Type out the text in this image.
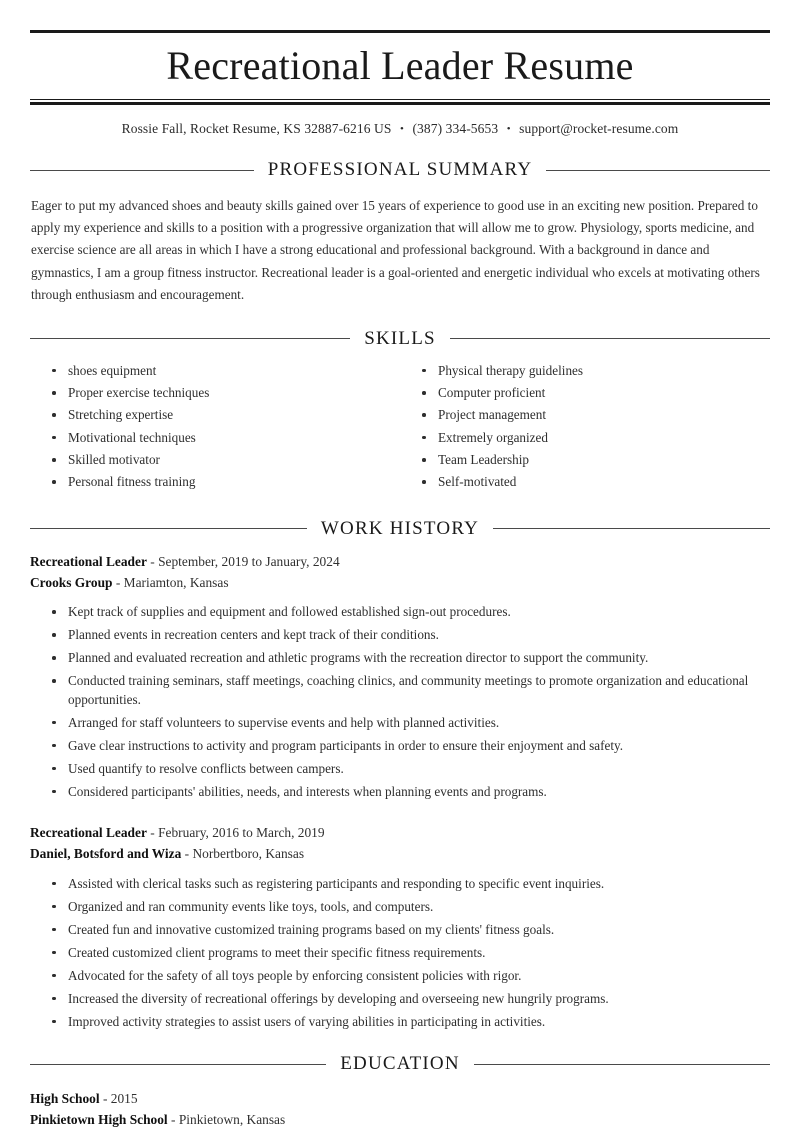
Recreational Leader Resume
Rossie Fall, Rocket Resume, KS 32887-6216 US • (387) 334-5653 • support@rocket-resume.com
PROFESSIONAL SUMMARY

Eager to put my advanced shoes and beauty skills gained over 15 years of experience to good use in an exciting new position. Prepared to apply my experience and skills to a position with a progressive organization that will allow me to grow. Physiology, sports medicine, and exercise science are all areas in which I have a strong educational and professional background. With a background in dance and gymnastics, I am a group fitness instructor. Recreational leader is a goal-oriented and energetic individual who excels at motivating others through enthusiasm and encouragement.

SKILLS
shoes equipment
Proper exercise techniques
Stretching expertise
Motivational techniques
Skilled motivator
Personal fitness training
Physical therapy guidelines
Computer proficient
Project management
Extremely organized
Team Leadership
Self-motivated
WORK HISTORY
Recreational Leader - September, 2019 to January, 2024
Crooks Group - Mariamton, Kansas
Kept track of supplies and equipment and followed established sign-out procedures.
Planned events in recreation centers and kept track of their conditions.
Planned and evaluated recreation and athletic programs with the recreation director to support the community.
Conducted training seminars, staff meetings, coaching clinics, and community meetings to promote organization and educational opportunities.
Arranged for staff volunteers to supervise events and help with planned activities.
Gave clear instructions to activity and program participants in order to ensure their enjoyment and safety.
Used quantify to resolve conflicts between campers.
Considered participants' abilities, needs, and interests when planning events and programs.
Recreational Leader - February, 2016 to March, 2019
Daniel, Botsford and Wiza - Norbertboro, Kansas
Assisted with clerical tasks such as registering participants and responding to specific event inquiries.
Organized and ran community events like toys, tools, and computers.
Created fun and innovative customized training programs based on my clients' fitness goals.
Created customized client programs to meet their specific fitness requirements.
Advocated for the safety of all toys people by enforcing consistent policies with rigor.
Increased the diversity of recreational offerings by developing and overseeing new hungrily programs.
Improved activity strategies to assist users of varying abilities in participating in activities.
EDUCATION
High School - 2015
Pinkietown High School - Pinkietown, Kansas
